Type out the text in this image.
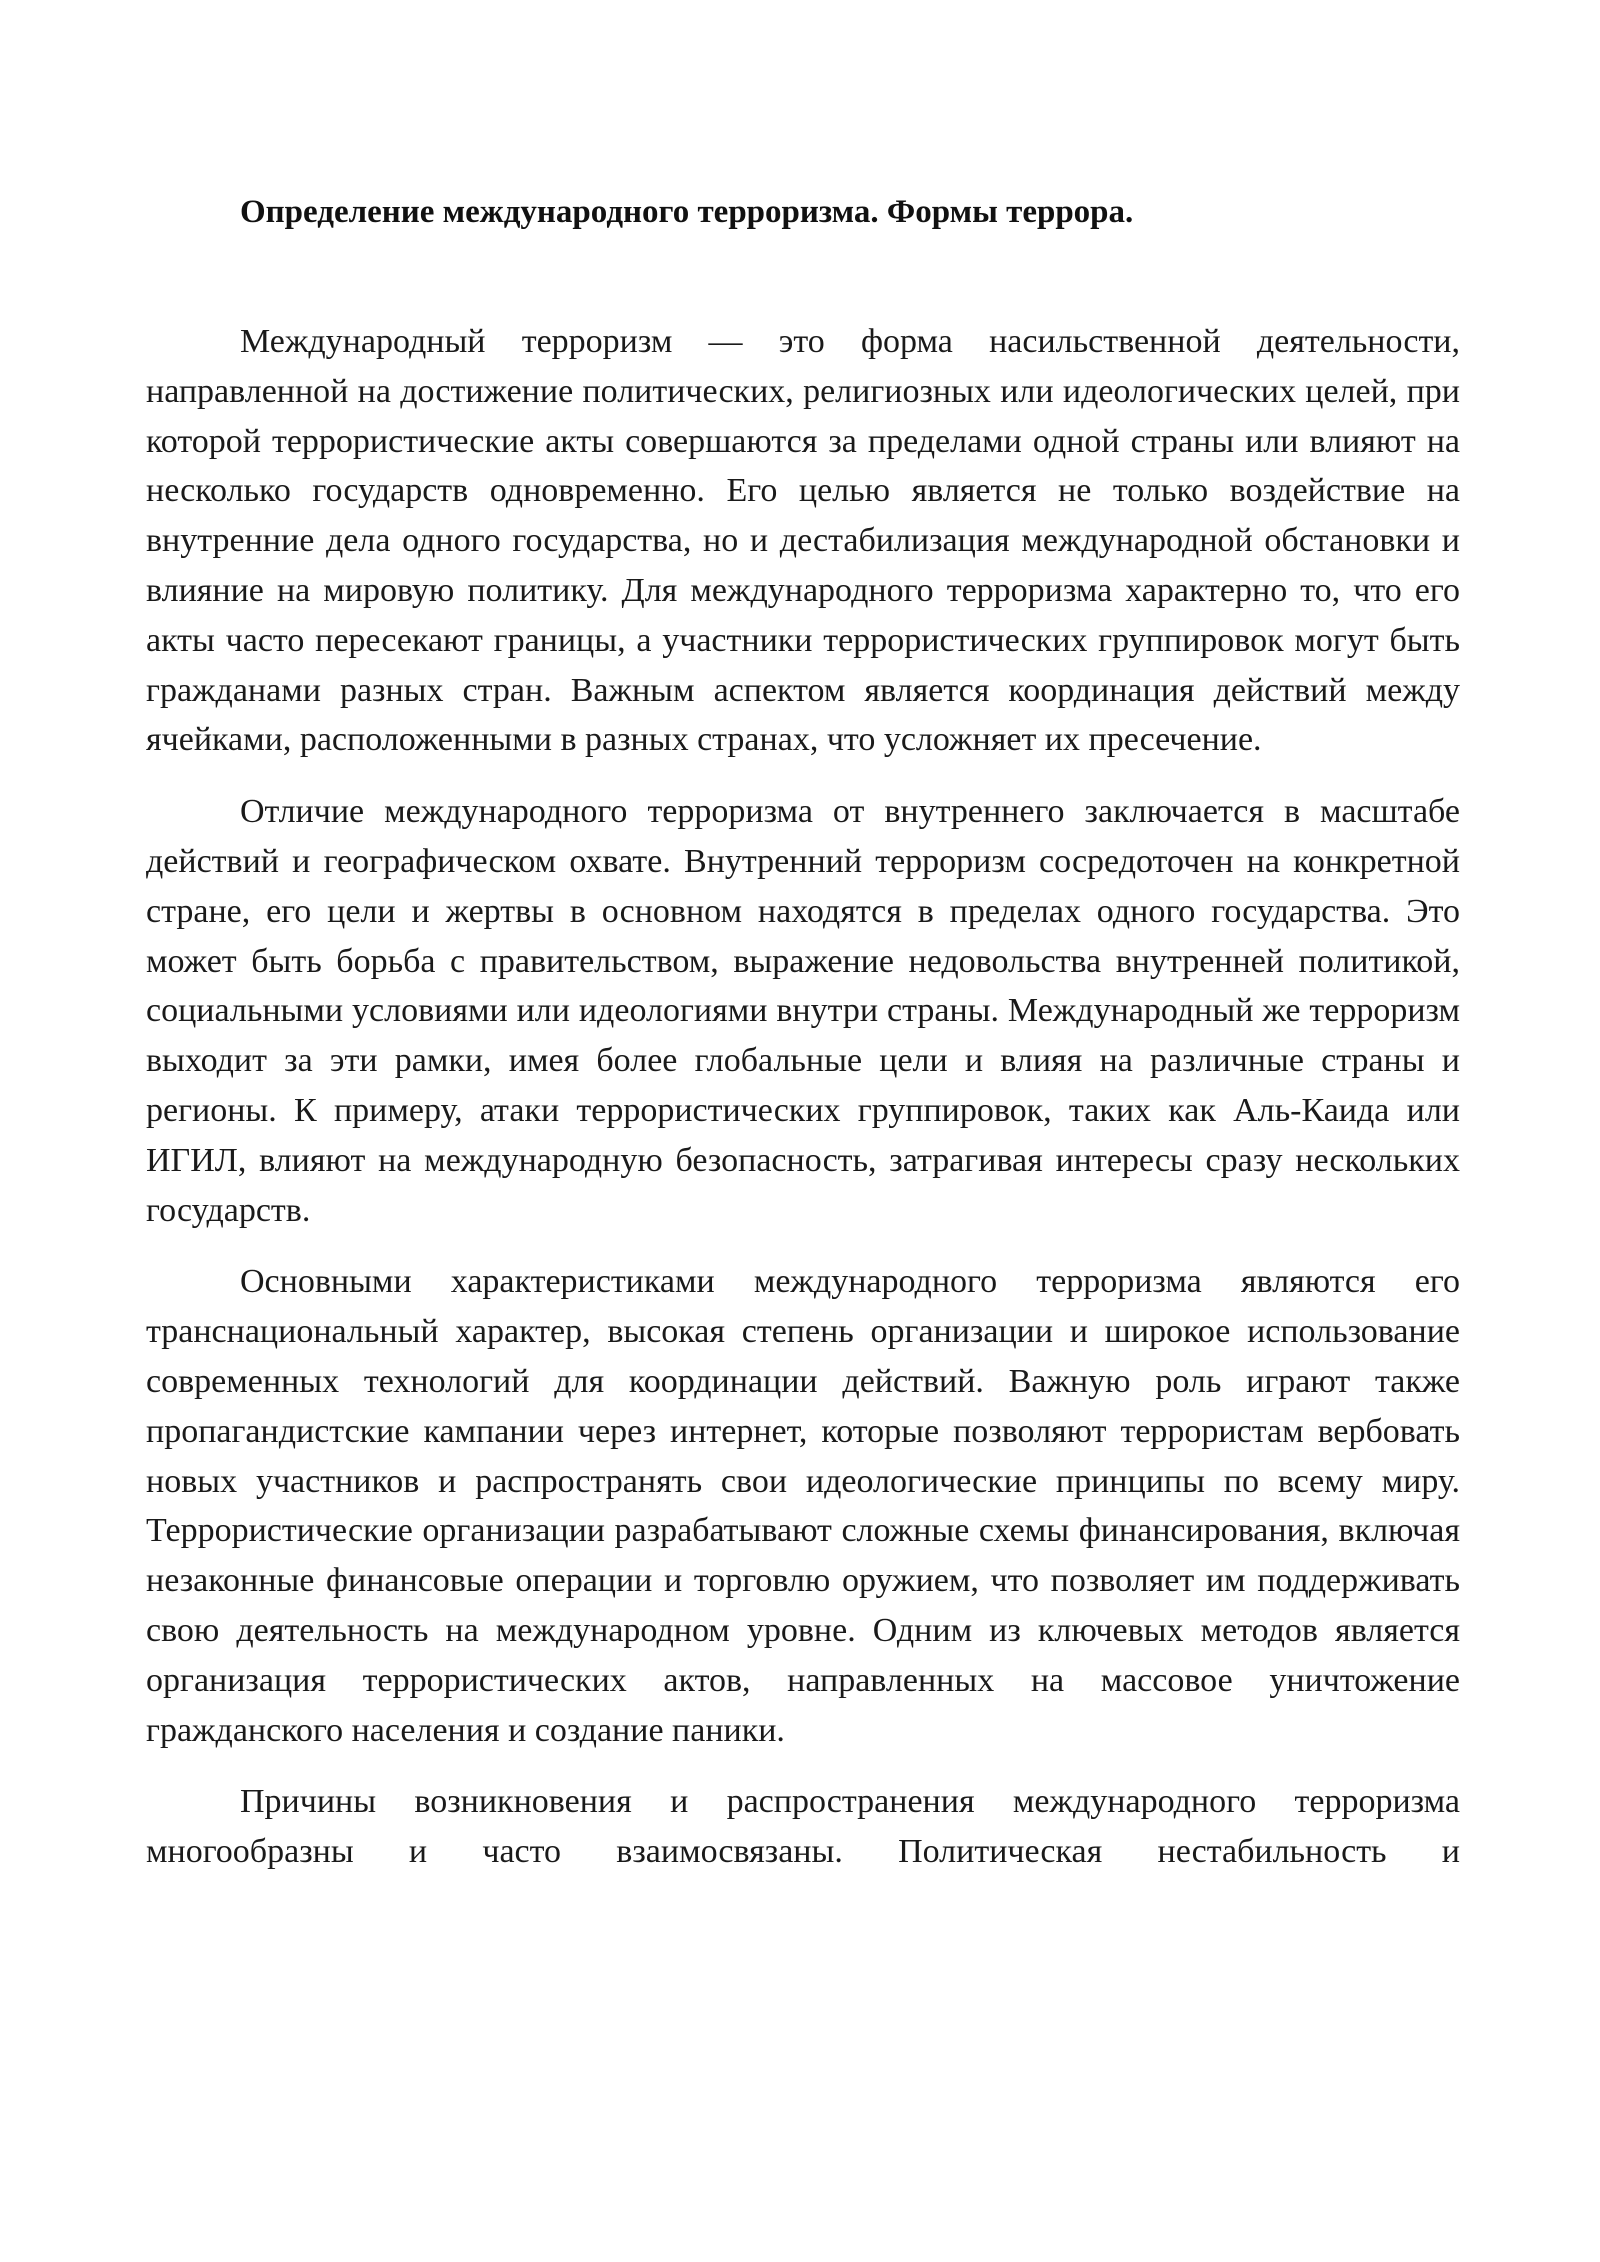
Определение международного терроризма. Формы террора.

Международный терроризм — это форма насильственной деятельности, направленной на достижение политических, религиозных или идеологических целей, при которой террористические акты совершаются за пределами одной страны или влияют на несколько государств одновременно. Его целью является не только воздействие на внутренние дела одного государства, но и дестабилизация международной обстановки и влияние на мировую политику. Для международного терроризма характерно то, что его акты часто пересекают границы, а участники террористических группировок могут быть гражданами разных стран. Важным аспектом является координация действий между ячейками, расположенными в разных странах, что усложняет их пресечение.

Отличие международного терроризма от внутреннего заключается в масштабе действий и географическом охвате. Внутренний терроризм сосредоточен на конкретной стране, его цели и жертвы в основном находятся в пределах одного государства. Это может быть борьба с правительством, выражение недовольства внутренней политикой, социальными условиями или идеологиями внутри страны. Международный же терроризм выходит за эти рамки, имея более глобальные цели и влияя на различные страны и регионы. К примеру, атаки террористических группировок, таких как Аль-Каида или ИГИЛ, влияют на международную безопасность, затрагивая интересы сразу нескольких государств.

Основными характеристиками международного терроризма являются его транснациональный характер, высокая степень организации и широкое использование современных технологий для координации действий. Важную роль играют также пропагандистские кампании через интернет, которые позволяют террористам вербовать новых участников и распространять свои идеологические принципы по всему миру. Террористические организации разрабатывают сложные схемы финансирования, включая незаконные финансовые операции и торговлю оружием, что позволяет им поддерживать свою деятельность на международном уровне. Одним из ключевых методов является организация террористических актов, направленных на массовое уничтожение гражданского населения и создание паники.

Причины возникновения и распространения международного терроризма многообразны и часто взаимосвязаны. Политическая нестабильность и
